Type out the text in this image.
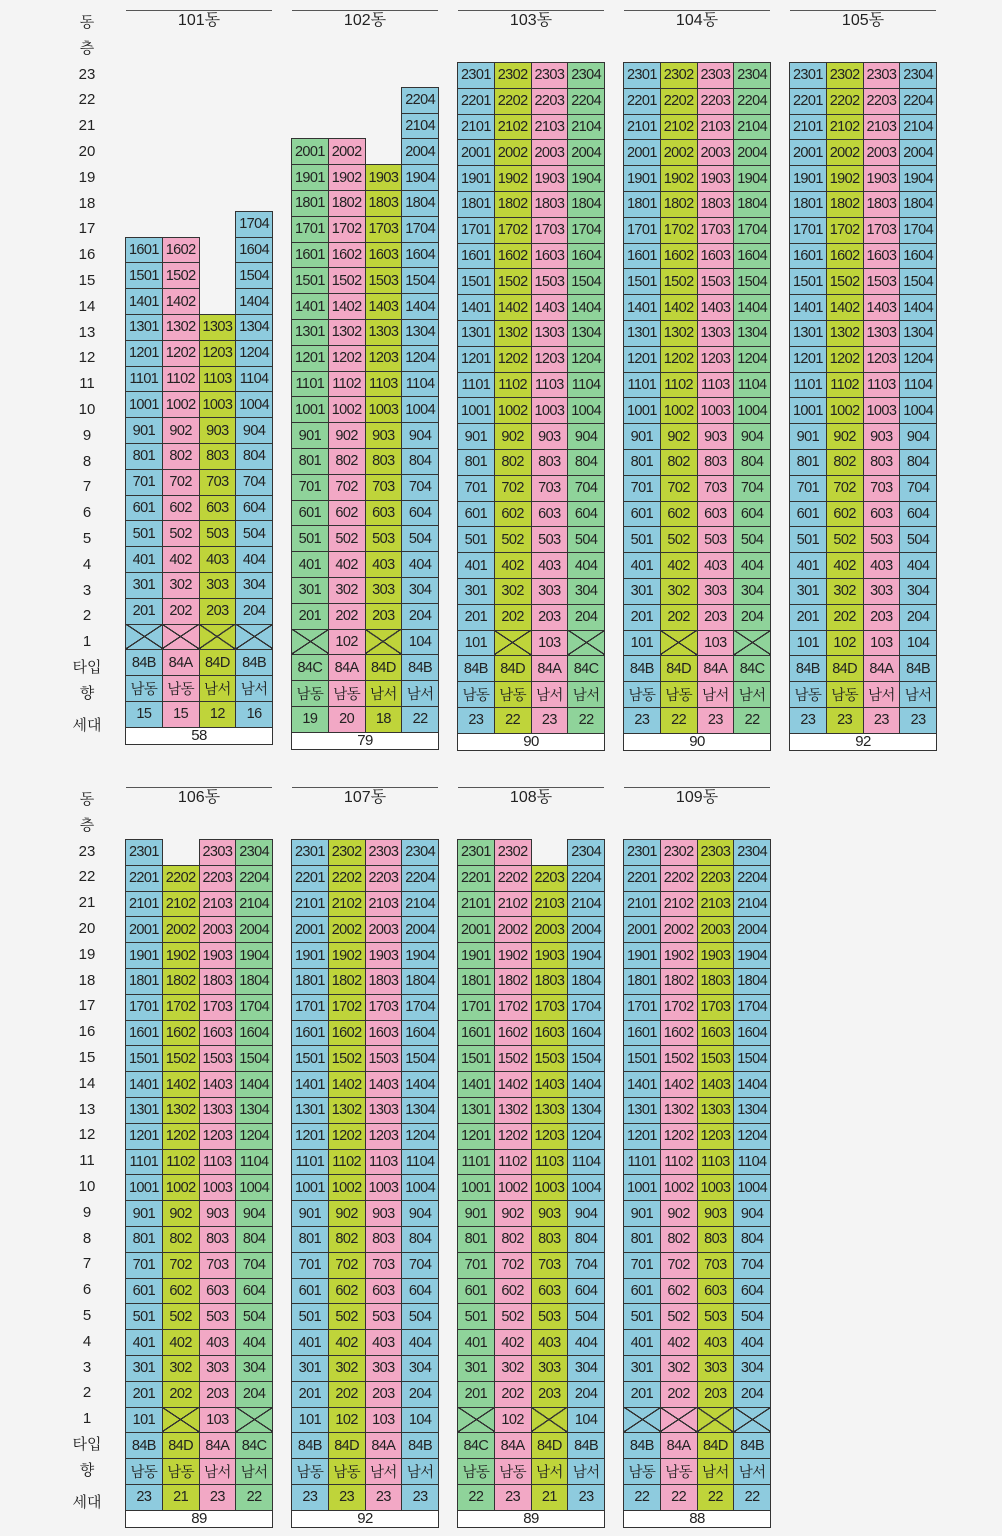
동
층
23
22
21
20
19
18
17
16
15
14
13
12
11
10
9
8
7
6
5
4
3
2
1
타입
향
세대
101동

			1704
1601	1602		1604
1501	1502		1504
1401	1402		1404
1301	1302	1303	1304
1201	1202	1203	1204
1101	1102	1103	1104
1001	1002	1003	1004
901	902	903	904
801	802	803	804
701	702	703	704
601	602	603	604
501	502	503	504
401	402	403	404
301	302	303	304
201	202	203	204

84B	84A	84D	84B
남동	남동	남서	남서
15	15	12	16
58			
102동

			2204
			2104
2001	2002		2004
1901	1902	1903	1904
1801	1802	1803	1804
1701	1702	1703	1704
1601	1602	1603	1604
1501	1502	1503	1504
1401	1402	1403	1404
1301	1302	1303	1304
1201	1202	1203	1204
1101	1102	1103	1104
1001	1002	1003	1004
901	902	903	904
801	802	803	804
701	702	703	704
601	602	603	604
501	502	503	504
401	402	403	404
301	302	303	304
201	202	203	204
	102		104
84C	84A	84D	84B
남동	남동	남서	남서
19	20	18	22
79			
103동
2301	2302	2303	2304
2201	2202	2203	2204
2101	2102	2103	2104
2001	2002	2003	2004
1901	1902	1903	1904
1801	1802	1803	1804
1701	1702	1703	1704
1601	1602	1603	1604
1501	1502	1503	1504
1401	1402	1403	1404
1301	1302	1303	1304
1201	1202	1203	1204
1101	1102	1103	1104
1001	1002	1003	1004
901	902	903	904
801	802	803	804
701	702	703	704
601	602	603	604
501	502	503	504
401	402	403	404
301	302	303	304
201	202	203	204
101		103	
84B	84D	84A	84C
남동	남동	남서	남서
23	22	23	22
90			
104동
2301	2302	2303	2304
2201	2202	2203	2204
2101	2102	2103	2104
2001	2002	2003	2004
1901	1902	1903	1904
1801	1802	1803	1804
1701	1702	1703	1704
1601	1602	1603	1604
1501	1502	1503	1504
1401	1402	1403	1404
1301	1302	1303	1304
1201	1202	1203	1204
1101	1102	1103	1104
1001	1002	1003	1004
901	902	903	904
801	802	803	804
701	702	703	704
601	602	603	604
501	502	503	504
401	402	403	404
301	302	303	304
201	202	203	204
101		103	
84B	84D	84A	84C
남동	남동	남서	남서
23	22	23	22
90			
105동
2301	2302	2303	2304
2201	2202	2203	2204
2101	2102	2103	2104
2001	2002	2003	2004
1901	1902	1903	1904
1801	1802	1803	1804
1701	1702	1703	1704
1601	1602	1603	1604
1501	1502	1503	1504
1401	1402	1403	1404
1301	1302	1303	1304
1201	1202	1203	1204
1101	1102	1103	1104
1001	1002	1003	1004
901	902	903	904
801	802	803	804
701	702	703	704
601	602	603	604
501	502	503	504
401	402	403	404
301	302	303	304
201	202	203	204
101	102	103	104
84B	84D	84A	84B
남동	남동	남서	남서
23	23	23	23
92			
동
층
23
22
21
20
19
18
17
16
15
14
13
12
11
10
9
8
7
6
5
4
3
2
1
타입
향
세대
106동
2301		2303	2304
2201	2202	2203	2204
2101	2102	2103	2104
2001	2002	2003	2004
1901	1902	1903	1904
1801	1802	1803	1804
1701	1702	1703	1704
1601	1602	1603	1604
1501	1502	1503	1504
1401	1402	1403	1404
1301	1302	1303	1304
1201	1202	1203	1204
1101	1102	1103	1104
1001	1002	1003	1004
901	902	903	904
801	802	803	804
701	702	703	704
601	602	603	604
501	502	503	504
401	402	403	404
301	302	303	304
201	202	203	204
101		103	
84B	84D	84A	84C
남동	남동	남서	남서
23	21	23	22
89			
107동
2301	2302	2303	2304
2201	2202	2203	2204
2101	2102	2103	2104
2001	2002	2003	2004
1901	1902	1903	1904
1801	1802	1803	1804
1701	1702	1703	1704
1601	1602	1603	1604
1501	1502	1503	1504
1401	1402	1403	1404
1301	1302	1303	1304
1201	1202	1203	1204
1101	1102	1103	1104
1001	1002	1003	1004
901	902	903	904
801	802	803	804
701	702	703	704
601	602	603	604
501	502	503	504
401	402	403	404
301	302	303	304
201	202	203	204
101	102	103	104
84B	84D	84A	84B
남동	남동	남서	남서
23	23	23	23
92			
108동
2301	2302		2304
2201	2202	2203	2204
2101	2102	2103	2104
2001	2002	2003	2004
1901	1902	1903	1904
1801	1802	1803	1804
1701	1702	1703	1704
1601	1602	1603	1604
1501	1502	1503	1504
1401	1402	1403	1404
1301	1302	1303	1304
1201	1202	1203	1204
1101	1102	1103	1104
1001	1002	1003	1004
901	902	903	904
801	802	803	804
701	702	703	704
601	602	603	604
501	502	503	504
401	402	403	404
301	302	303	304
201	202	203	204
	102		104
84C	84A	84D	84B
남동	남동	남서	남서
22	23	21	23
89			
109동
2301	2302	2303	2304
2201	2202	2203	2204
2101	2102	2103	2104
2001	2002	2003	2004
1901	1902	1903	1904
1801	1802	1803	1804
1701	1702	1703	1704
1601	1602	1603	1604
1501	1502	1503	1504
1401	1402	1403	1404
1301	1302	1303	1304
1201	1202	1203	1204
1101	1102	1103	1104
1001	1002	1003	1004
901	902	903	904
801	802	803	804
701	702	703	704
601	602	603	604
501	502	503	504
401	402	403	404
301	302	303	304
201	202	203	204

84B	84A	84D	84B
남동	남동	남서	남서
22	22	22	22
88			
